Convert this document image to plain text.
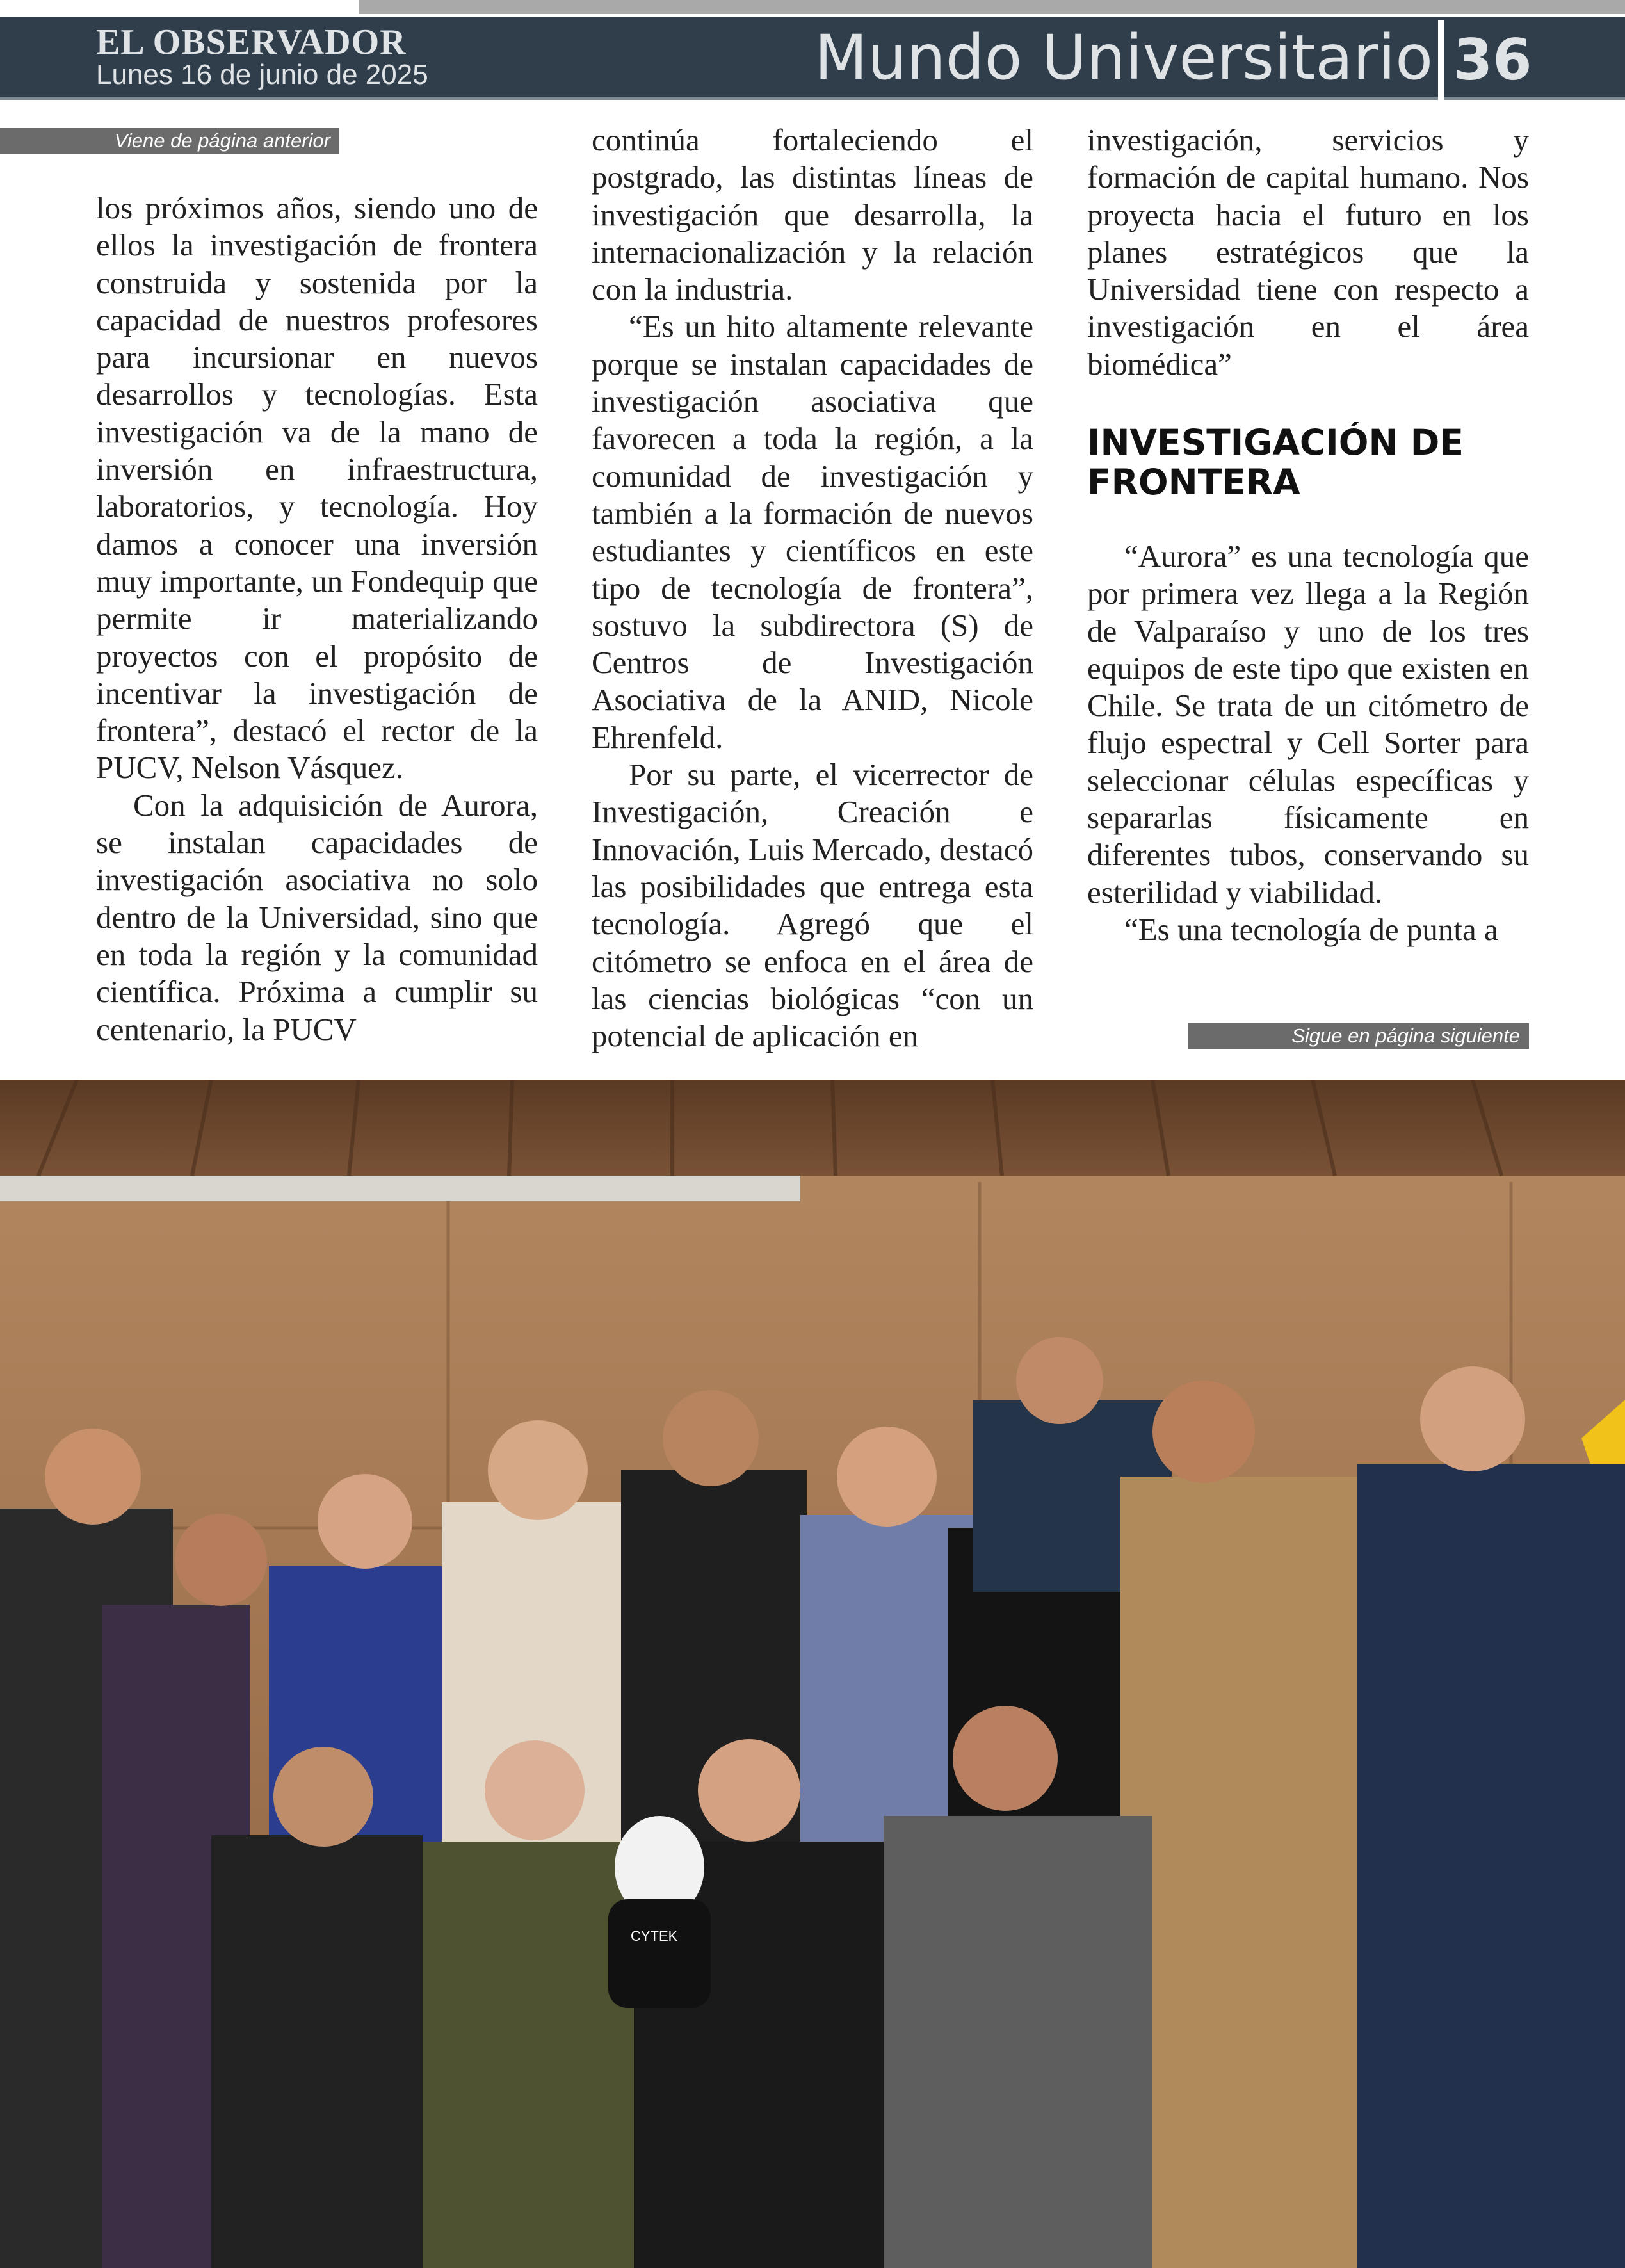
EL OBSERVADOR
Lunes 16 de junio de 2025	Mundo Universitario 36
Viene de página anterior
Sigue en página siguiente

los próximos años, siendo uno de ellos la investigación de frontera construida y sostenida por la capacidad de nuestros profesores para incursionar en nuevos desarrollos y tecnologías. Esta investigación va de la mano de inversión en infraestructura, laboratorios, y tecnología. Hoy damos a conocer una inversión muy importante, un Fondequip que permite ir materializando proyectos con el propósito de incentivar la investigación de frontera”, destacó el rector de la PUCV, Nelson Vásquez.

Con la adquisición de Aurora, se instalan capacidades de investigación asociativa no solo dentro de la Universidad, sino que en toda la región y la comunidad científica. Próxima a cumplir su centenario, la PUCV

continúa fortaleciendo el postgrado, las distintas líneas de investigación que desarrolla, la internacionalización y la relación con la industria.

“Es un hito altamente relevante porque se instalan capacidades de investigación asociativa que favorecen a toda la región, a la comunidad de investigación y también a la formación de nuevos estudiantes y científicos en este tipo de tecnología de frontera”, sostuvo la subdirectora (S) de Centros de Investigación Asociativa de la ANID, Nicole Ehrenfeld.

Por su parte, el vicerrector de Investigación, Creación e Innovación, Luis Mercado, destacó las posibilidades que entrega esta tecnología. Agregó que el citómetro se enfoca en el área de las ciencias biológicas “con un potencial de aplicación en

investigación, servicios y formación de capital humano. Nos proyecta hacia el futuro en los planes estratégicos que la Universidad tiene con respecto a investigación en el área biomédica”

INVESTIGACIÓN DE FRONTERA

“Aurora” es una tecnología que por primera vez llega a la Región de Valparaíso y uno de los tres equipos de este tipo que existen en Chile. Se trata de un citómetro de flujo espectral y Cell Sorter para seleccionar células específicas y separarlas físicamente en diferentes tubos, conservando su esterilidad y viabilidad.

“Es una tecnología de punta a

CYTEK
